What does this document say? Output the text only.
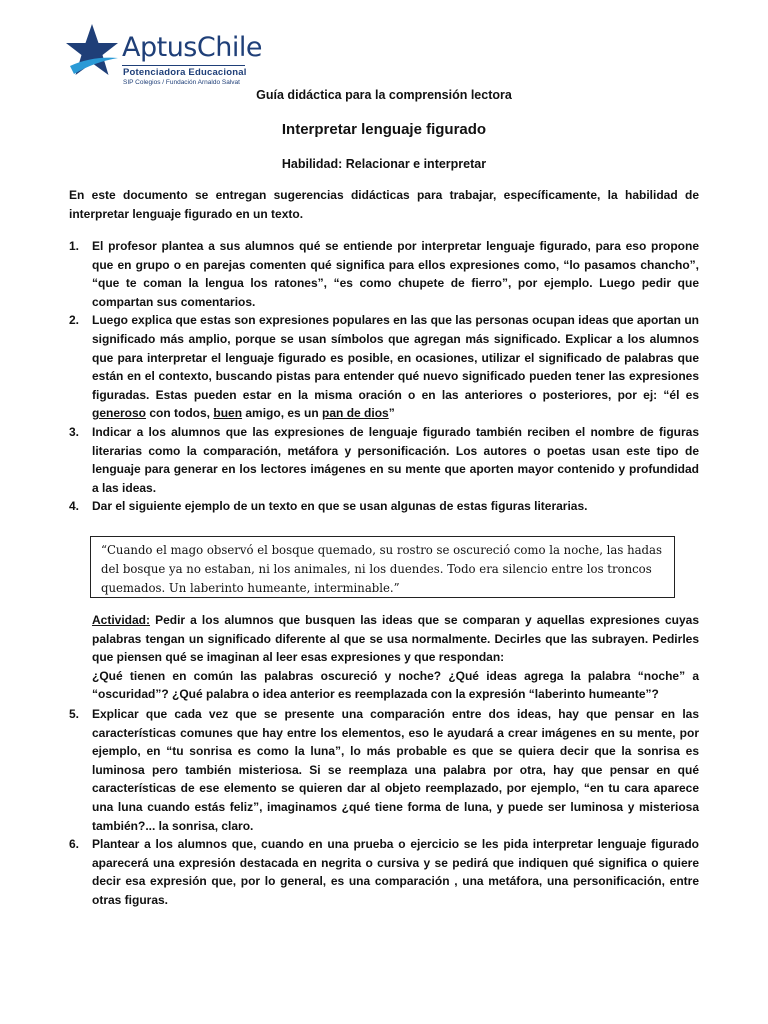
AptusChile
Potenciadora Educacional
SIP Colegios / Fundación Arnaldo Salvat
Guía didáctica para la comprensión lectora
Interpretar lenguaje figurado
Habilidad: Relacionar e interpretar
En este documento se entregan sugerencias didácticas para trabajar, específicamente, la habilidad de interpretar lenguaje figurado en un texto.
1. El profesor plantea a sus alumnos qué se entiende por interpretar lenguaje figurado, para eso propone que en grupo o en parejas comenten qué significa para ellos expresiones como, “lo pasamos chancho”, “que te coman la lengua los ratones”, “es como chupete de fierro”, por ejemplo. Luego pedir que compartan sus comentarios.
2. Luego explica que estas son expresiones populares en las que las personas ocupan ideas que aportan un significado más amplio, porque se usan símbolos que agregan más significado. Explicar a los alumnos que para interpretar el lenguaje figurado es posible, en ocasiones, utilizar el significado de palabras que están en el contexto, buscando pistas para entender qué nuevo significado pueden tener las expresiones figuradas. Estas pueden estar en la misma oración o en las anteriores o posteriores, por ej: “él es generoso con todos, buen amigo, es un pan de dios”
3. Indicar a los alumnos que las expresiones de lenguaje figurado también reciben el nombre de figuras literarias como la comparación, metáfora y personificación. Los autores o poetas usan este tipo de lenguaje para generar en los lectores imágenes en su mente que aporten mayor contenido y profundidad a las ideas.
4. Dar el siguiente ejemplo de un texto en que se usan algunas de estas figuras literarias.
“Cuando el mago observó el bosque quemado, su rostro se oscureció como la noche, las hadas del bosque ya no estaban, ni los animales, ni los duendes. Todo era silencio entre los troncos quemados. Un laberinto humeante, interminable.”
Actividad: Pedir a los alumnos que busquen las ideas que se comparan y aquellas expresiones cuyas palabras tengan un significado diferente al que se usa normalmente. Decirles que las subrayen. Pedirles que piensen qué se imaginan al leer esas expresiones y que respondan:
¿Qué tienen en común las palabras oscureció y noche? ¿Qué ideas agrega la palabra “noche” a “oscuridad”? ¿Qué palabra o idea anterior es reemplazada con la expresión “laberinto humeante”?
5. Explicar que cada vez que se presente una comparación entre dos ideas, hay que pensar en las características comunes que hay entre los elementos, eso le ayudará a crear imágenes en su mente, por ejemplo, en “tu sonrisa es como la luna”, lo más probable es que se quiera decir que la sonrisa es luminosa pero también misteriosa. Si se reemplaza una palabra por otra, hay que pensar en qué características de ese elemento se quieren dar al objeto reemplazado, por ejemplo, “en tu cara aparece una luna cuando estás feliz”, imaginamos ¿qué tiene forma de luna, y puede ser luminosa y misteriosa también?... la sonrisa, claro.
6. Plantear a los alumnos que, cuando en una prueba o ejercicio se les pida interpretar lenguaje figurado aparecerá una expresión destacada en negrita o cursiva y se pedirá que indiquen qué significa o quiere decir esa expresión que, por lo general, es una comparación , una metáfora, una personificación, entre otras figuras.
